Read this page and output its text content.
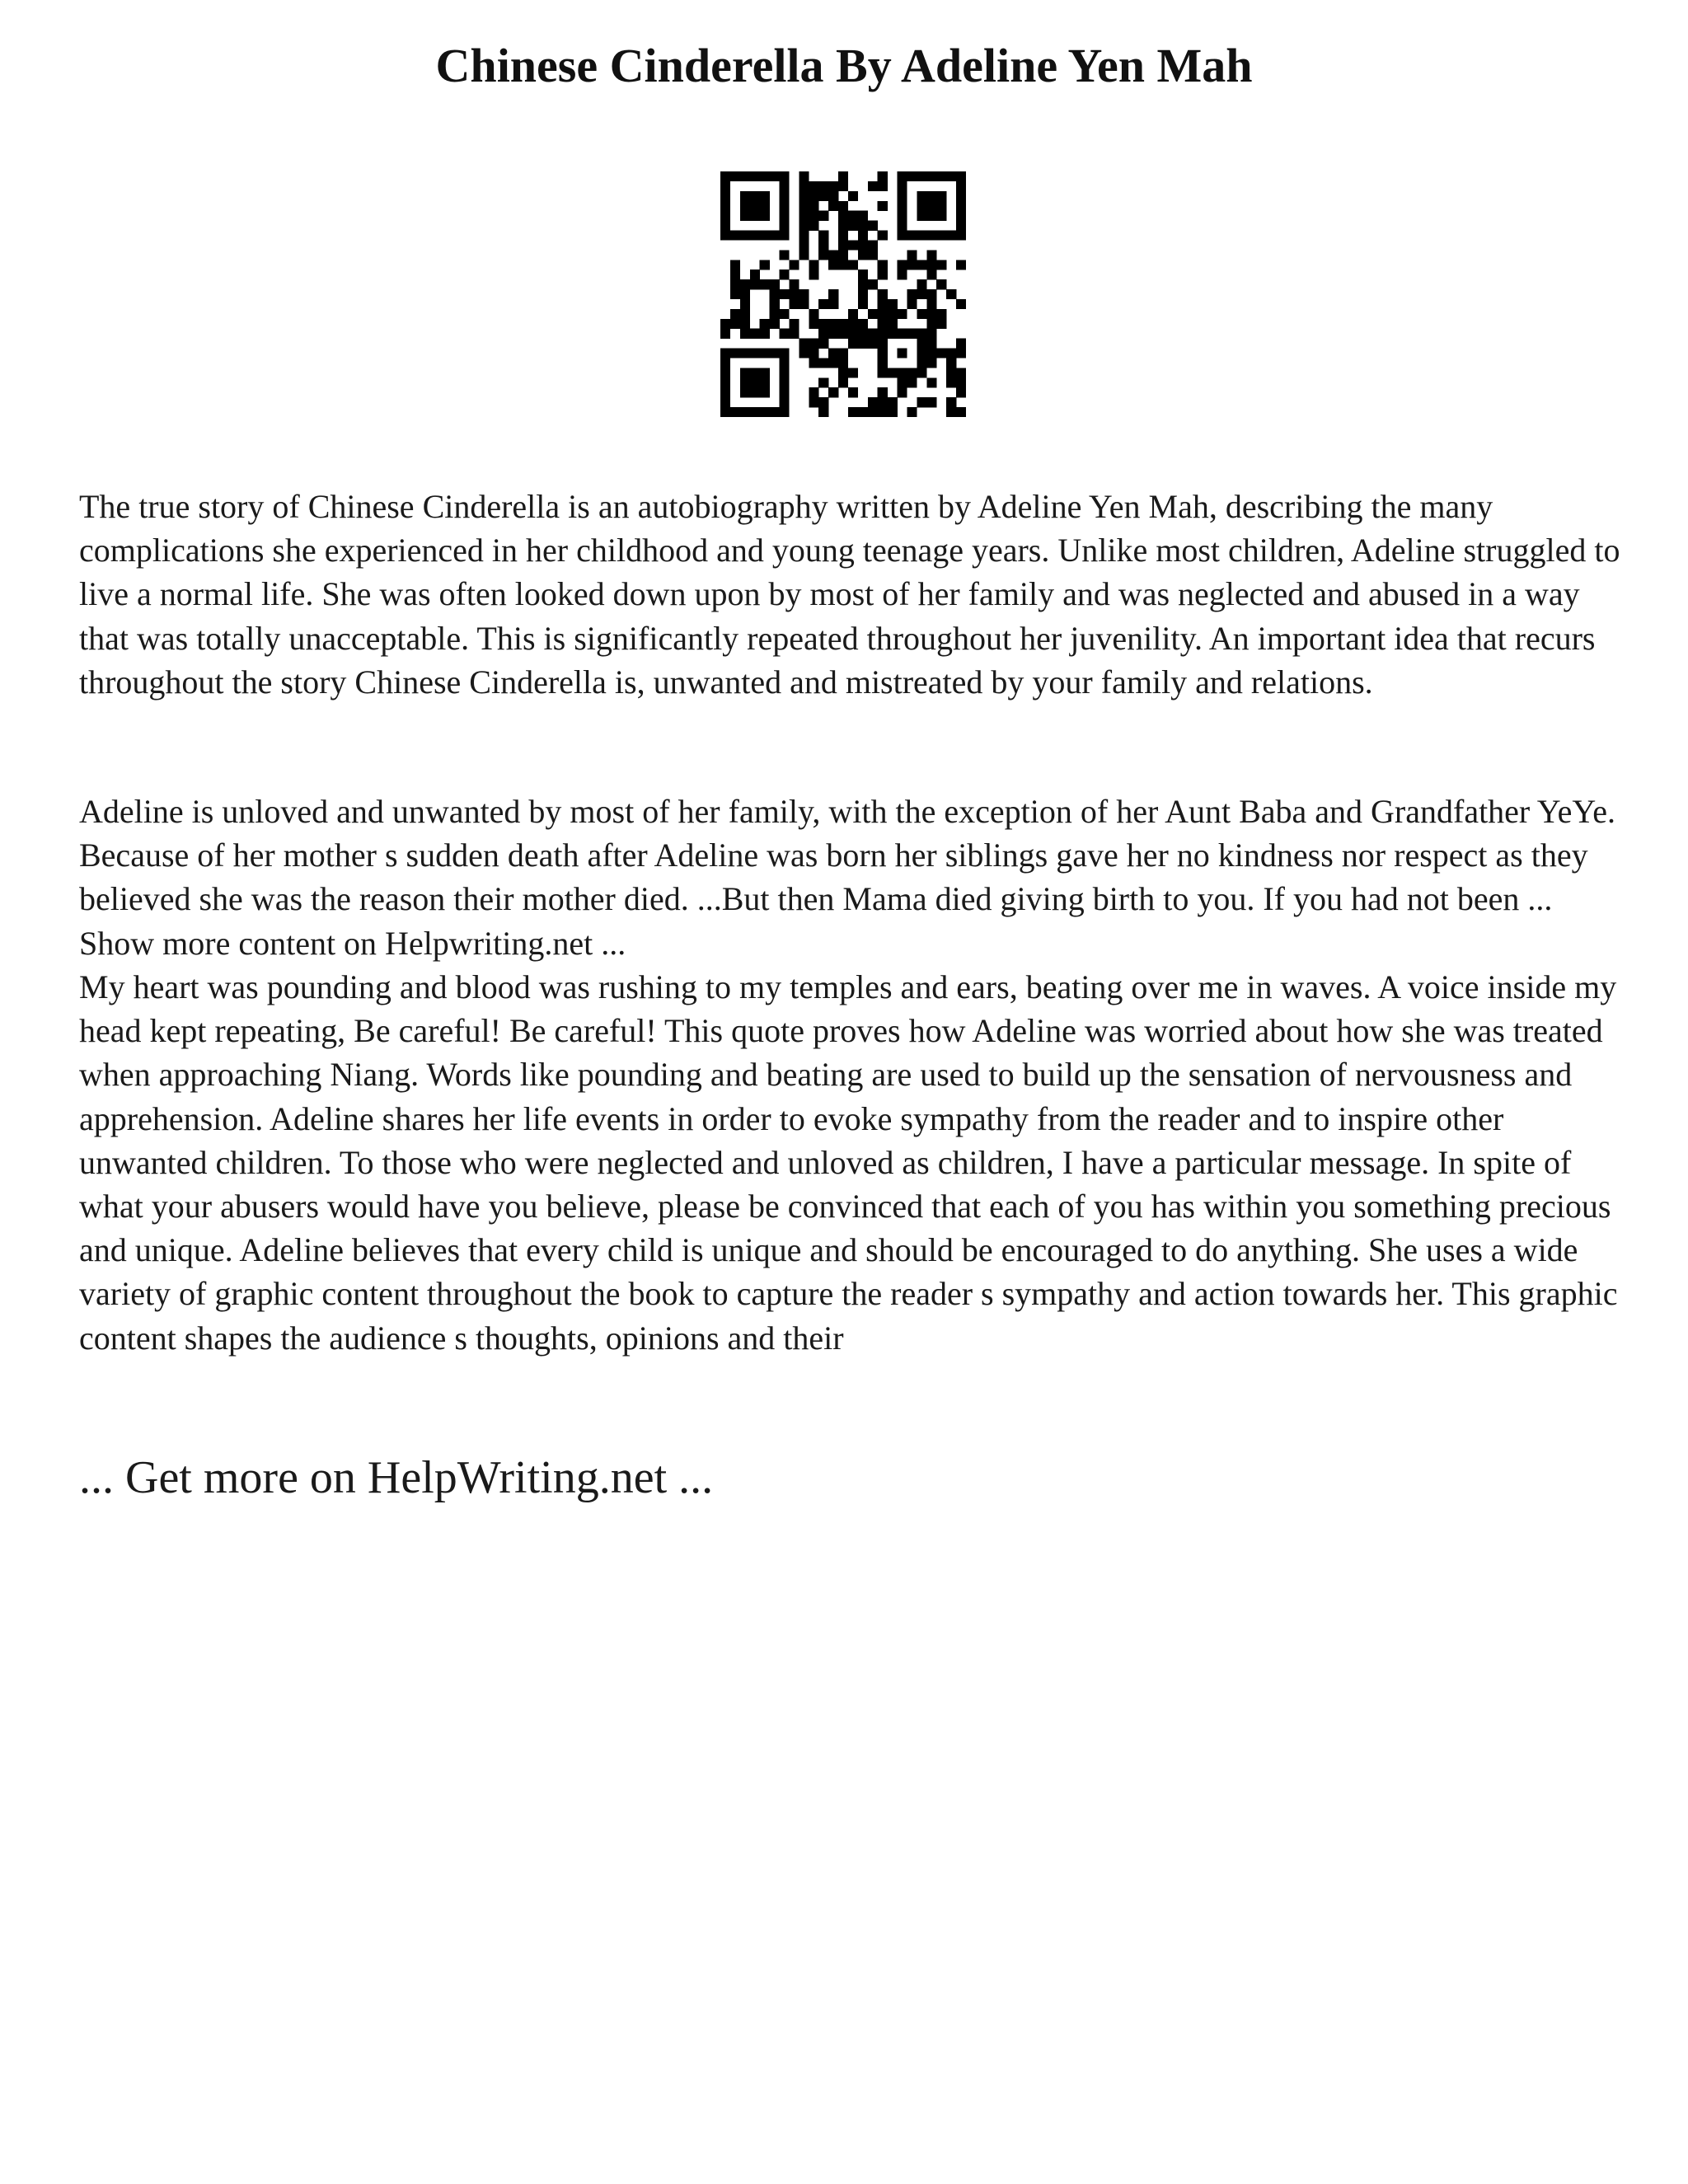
Chinese Cinderella By Adeline Yen Mah

The true story of Chinese Cinderella is an autobiography written by Adeline Yen Mah, describing the many complications she experienced in her childhood and young teenage years. Unlike most children, Adeline struggled to live a normal life. She was often looked down upon by most of her family and was neglected and abused in a way that was totally unacceptable. This is significantly repeated throughout her juvenility. An important idea that recurs throughout the story Chinese Cinderella is, unwanted and mistreated by your family and relations.

Adeline is unloved and unwanted by most of her family, with the exception of her Aunt Baba and Grandfather YeYe. Because of her mother s sudden death after Adeline was born her siblings gave her no kindness nor respect as they believed she was the reason their mother died. ...But then Mama died giving birth to you. If you had not been ... Show more content on Helpwriting.net ...

My heart was pounding and blood was rushing to my temples and ears, beating over me in waves. A voice inside my head kept repeating, Be careful! Be careful! This quote proves how Adeline was worried about how she was treated when approaching Niang. Words like pounding and beating are used to build up the sensation of nervousness and apprehension. Adeline shares her life events in order to evoke sympathy from the reader and to inspire other unwanted children. To those who were neglected and unloved as children, I have a particular message. In spite of what your abusers would have you believe, please be convinced that each of you has within you something precious and unique. Adeline believes that every child is unique and should be encouraged to do anything. She uses a wide variety of graphic content throughout the book to capture the reader s sympathy and action towards her. This graphic content shapes the audience s thoughts, opinions and their

... Get more on HelpWriting.net ...
